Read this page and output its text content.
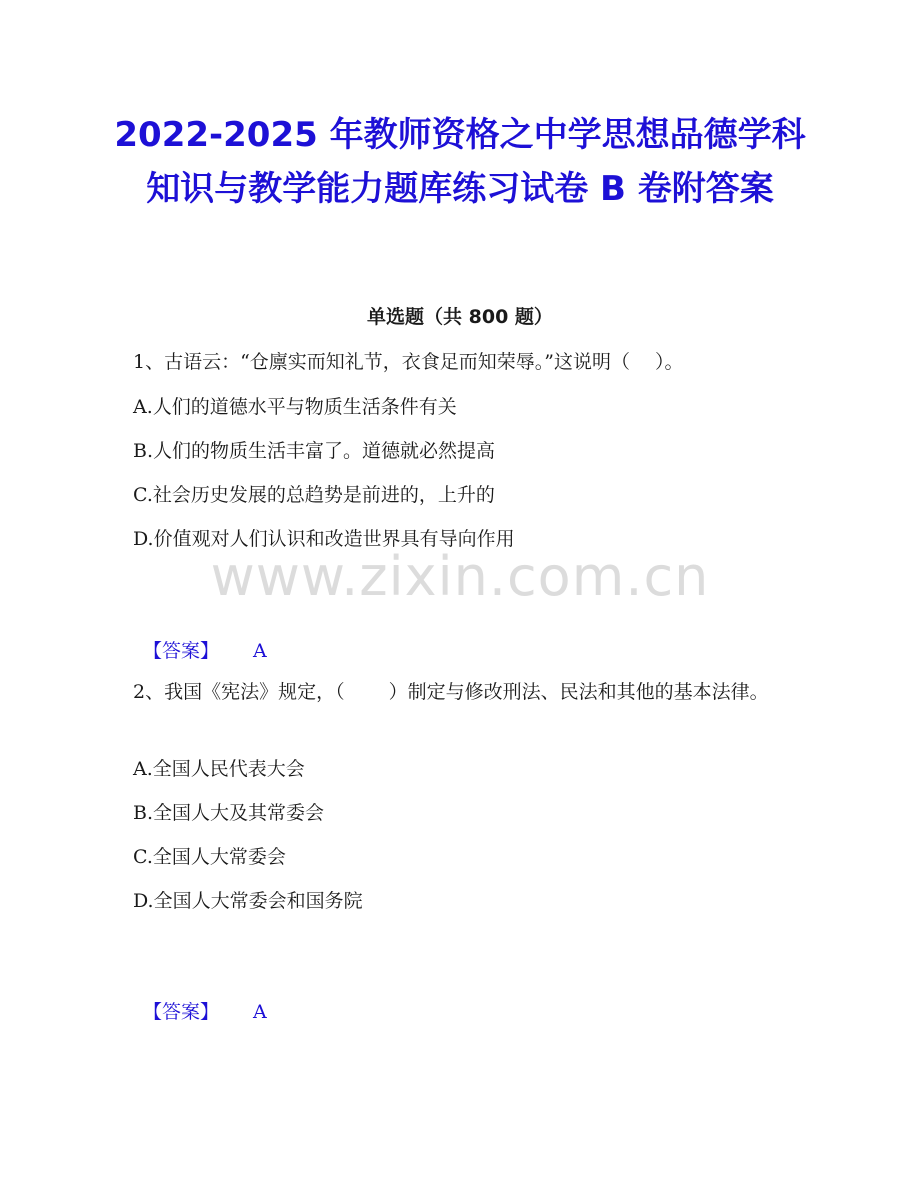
2022-2025 年教师资格之中学思想品德学科知识与教学能力题库练习试卷 B 卷附答案
单选题（共 800 题）
www.zixin.com.cn
1、古语云：“仓廪实而知礼节，衣食足而知荣辱。”这说明（　 ）。
A.人们的道德水平与物质生活条件有关
B.人们的物质生活丰富了。道德就必然提高
C.社会历史发展的总趋势是前进的，上升的
D.价值观对人们认识和改造世界具有导向作用
【答案】 A
2、我国《宪法》规定，（　　 ）制定与修改刑法、民法和其他的基本法律。
A.全国人民代表大会
B.全国人大及其常委会
C.全国人大常委会
D.全国人大常委会和国务院
【答案】 A
